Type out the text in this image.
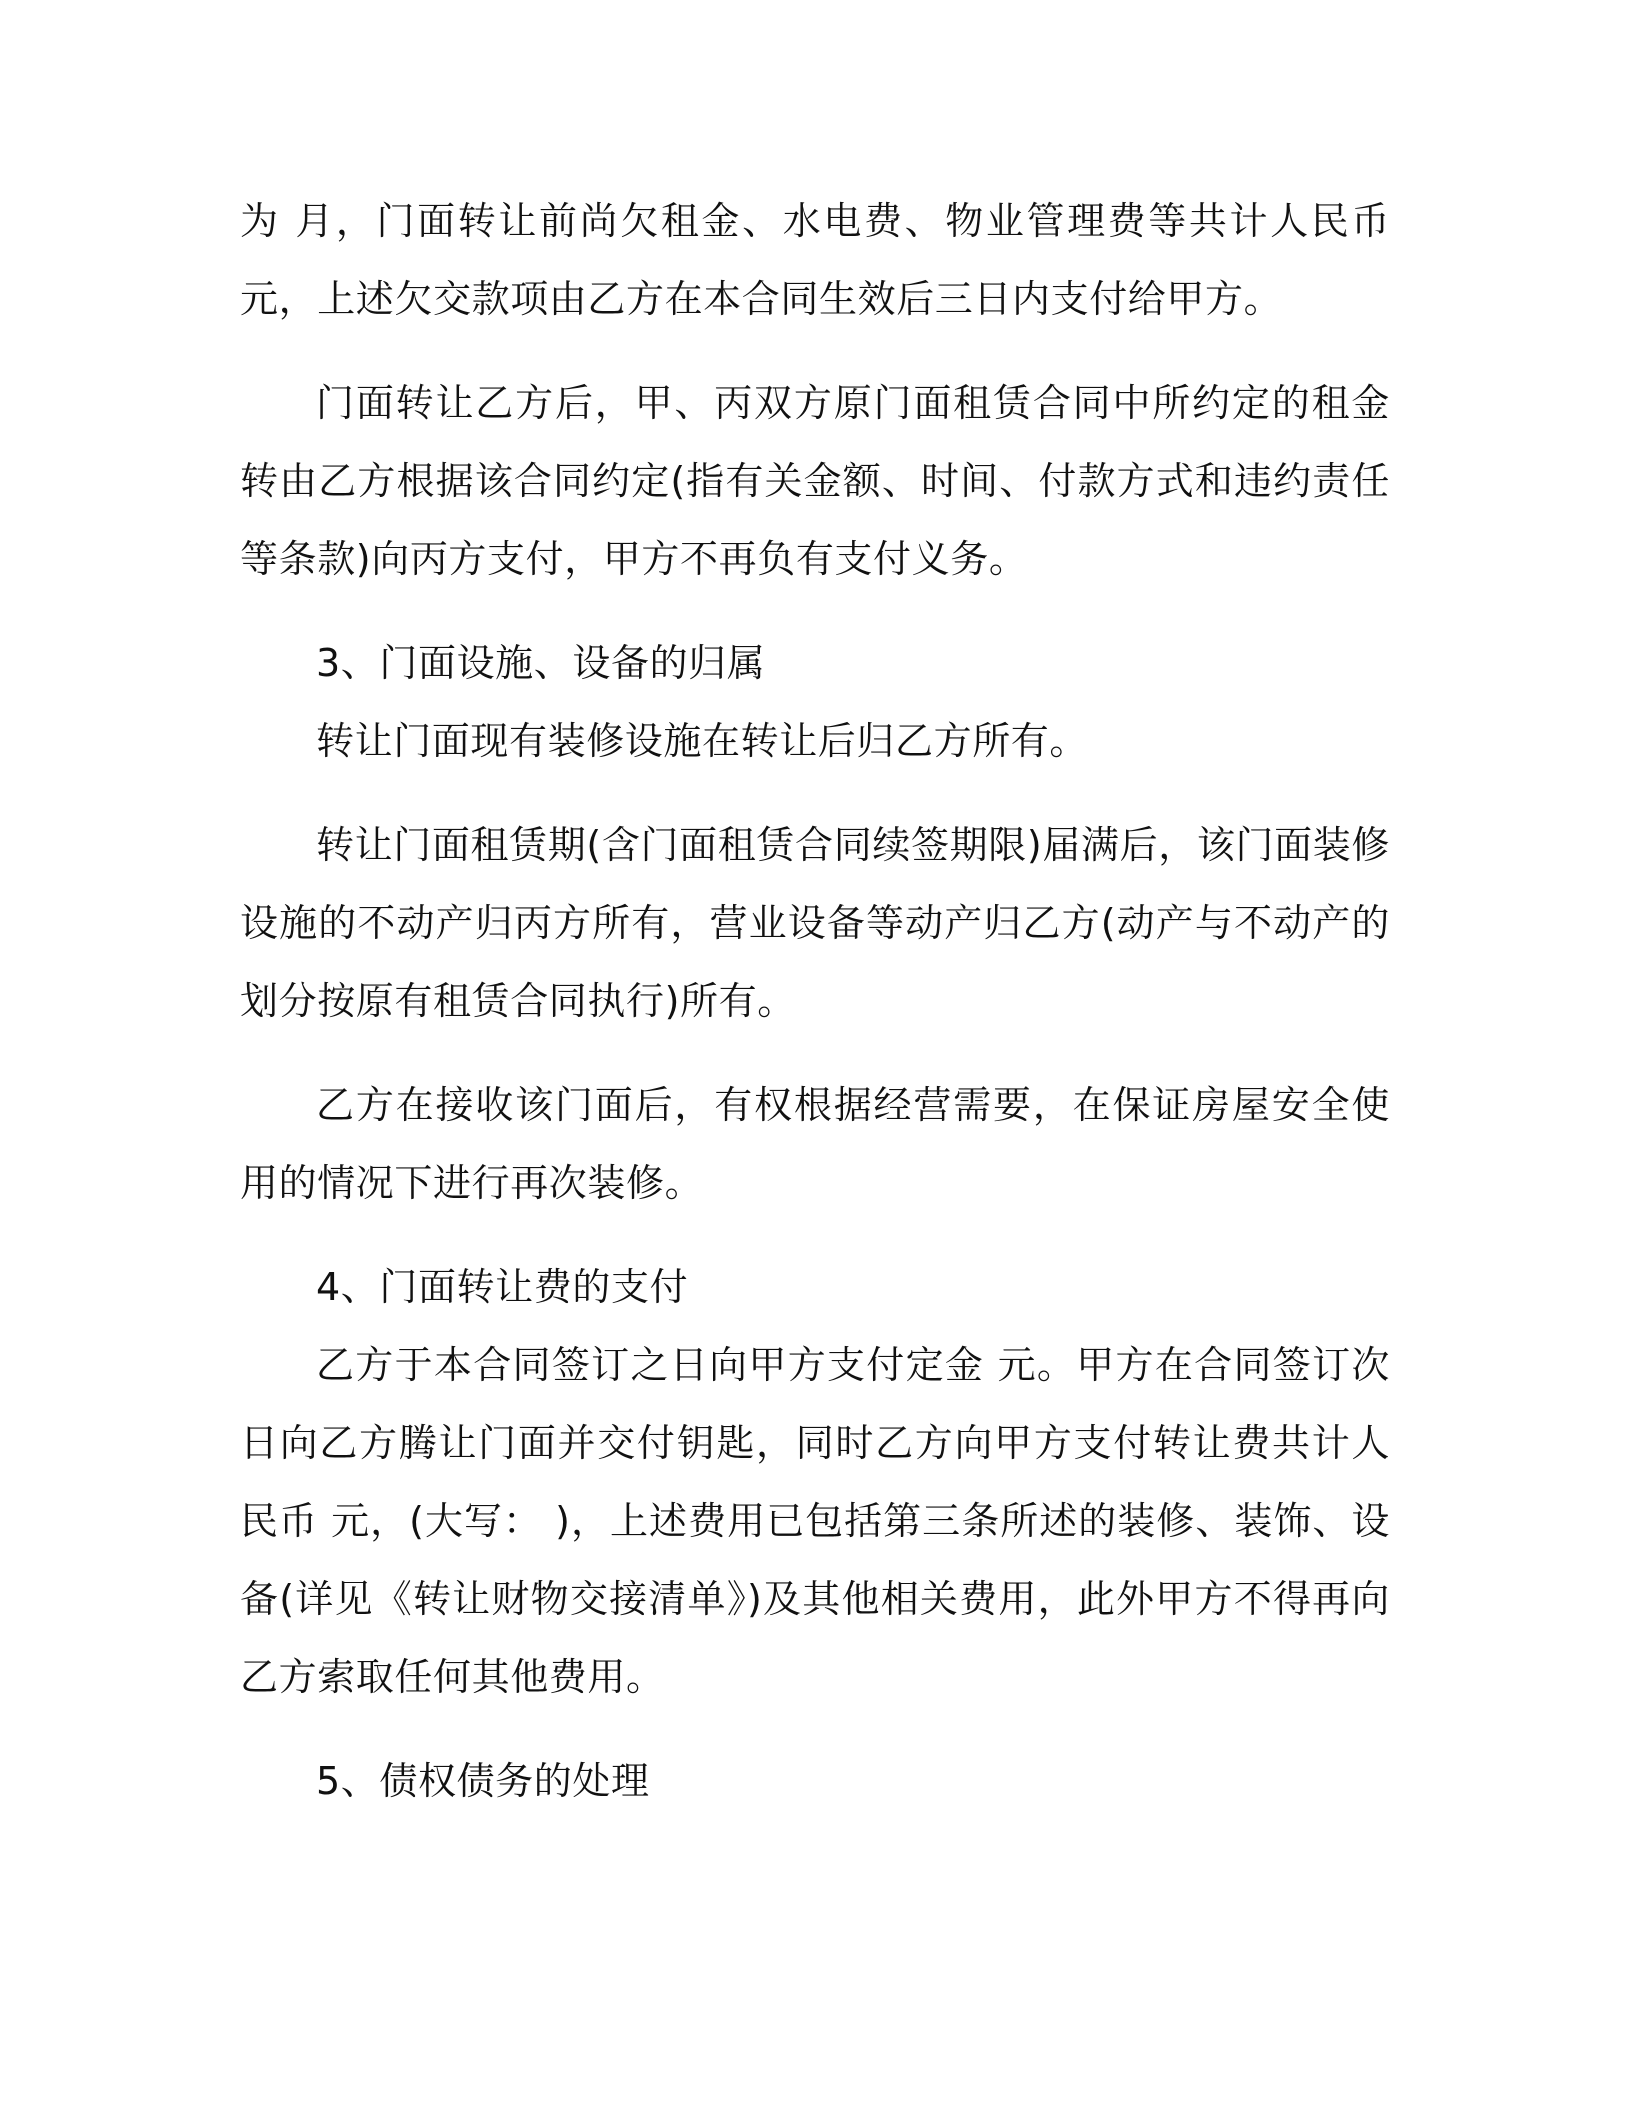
为 月，门面转让前尚欠租金、水电费、物业管理费等共计人民币 元，上述欠交款项由乙方在本合同生效后三日内支付给甲方。

门面转让乙方后，甲、丙双方原门面租赁合同中所约定的租金转由乙方根据该合同约定(指有关金额、时间、付款方式和违约责任等条款)向丙方支付，甲方不再负有支付义务。

3、门面设施、设备的归属

转让门面现有装修设施在转让后归乙方所有。

转让门面租赁期(含门面租赁合同续签期限)届满后，该门面装修设施的不动产归丙方所有，营业设备等动产归乙方(动产与不动产的划分按原有租赁合同执行)所有。

乙方在接收该门面后，有权根据经营需要，在保证房屋安全使用的情况下进行再次装修。

4、门面转让费的支付

乙方于本合同签订之日向甲方支付定金 元。甲方在合同签订次日向乙方腾让门面并交付钥匙，同时乙方向甲方支付转让费共计人民币 元，(大写： )，上述费用已包括第三条所述的装修、装饰、设备(详见《转让财物交接清单》)及其他相关费用，此外甲方不得再向乙方索取任何其他费用。

5、债权债务的处理
